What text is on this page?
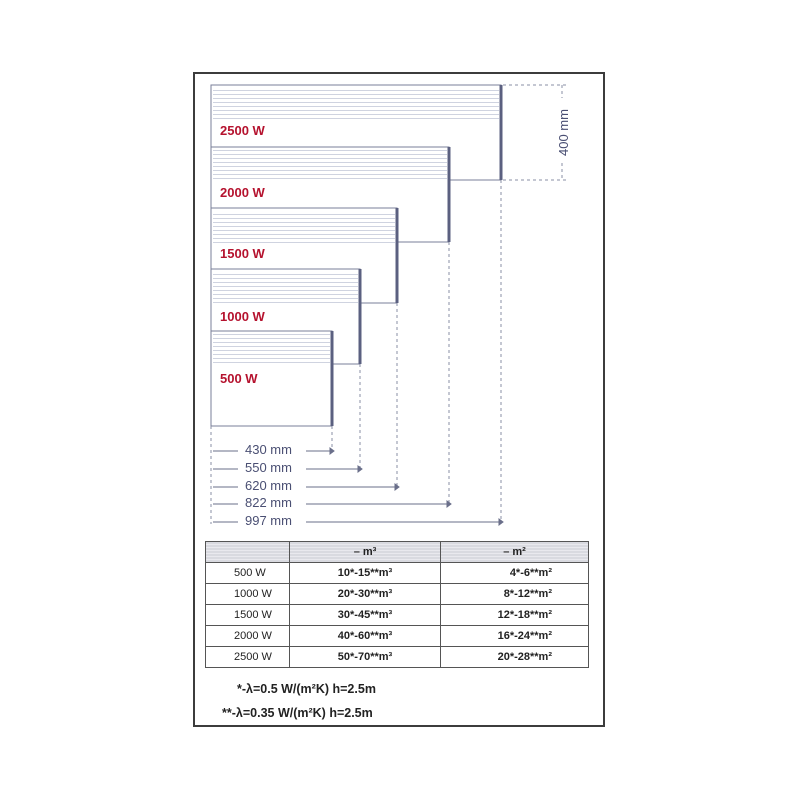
2500 W
2000 W
1500 W
1000 W
500 W
430 mm
550 mm
620 mm
822 mm
997 mm
400 mm
	– m³	– m²
500 W	10*-15**m³	4*-6**m²
1000 W	20*-30**m³	8*-12**m²
1500 W	30*-45**m³	12*-18**m²
2000 W	40*-60**m³	16*-24**m²
2500 W	50*-70**m³	20*-28**m²
*-λ=0.5 W/(m²K) h=2.5m
**-λ=0.35 W/(m²K) h=2.5m
